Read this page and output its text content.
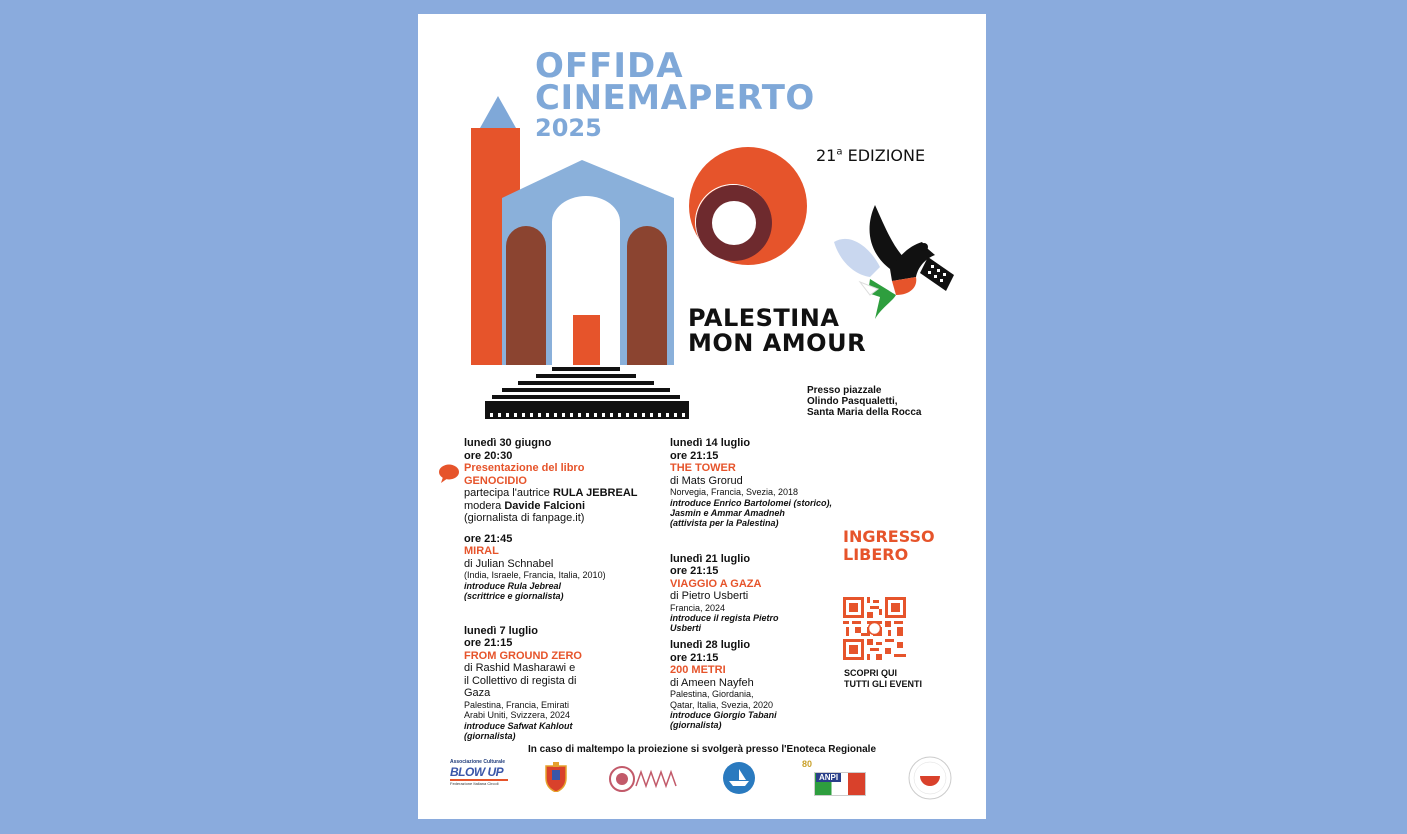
OFFIDA
CINEMAPERTO
2025
21$^a$ EDIZIONE
PALESTINA
MON AMOUR
Presso piazzale
Olindo Pasqualetti,
Santa Maria della Rocca
lunedì 30 giugno
ore 20:30
Presentazione del libro
GENOCIDIO
partecipa l'autrice RULA JEBREAL
modera Davide Falcioni
(giornalista di fanpage.it)
ore 21:45
MIRAL
di Julian Schnabel
(India, Israele, Francia, Italia, 2010)
introduce Rula Jebreal
(scrittrice e giornalista)
lunedì 7 luglio
ore 21:15
FROM GROUND ZERO
di Rashid Masharawi e
il Collettivo di regista di
Gaza
Palestina, Francia, Emirati
Arabi Uniti, Svizzera, 2024
introduce Safwat Kahlout
(giornalista)
lunedì 14 luglio
ore 21:15
THE TOWER
di Mats Grorud
Norvegia, Francia, Svezia, 2018
introduce Enrico Bartolomei (storico),
Jasmin e Ammar Amadneh
(attivista per la Palestina)
lunedì 21 luglio
ore 21:15
VIAGGIO A GAZA
di Pietro Usberti
Francia, 2024
introduce il regista Pietro
Usberti
lunedì 28 luglio
ore 21:15
200 METRI
di Ameen Nayfeh
Palestina, Giordania,
Qatar, Italia, Svezia, 2020
introduce Giorgio Tabani
(giornalista)
INGRESSO
LIBERO
SCOPRI QUI
TUTTI GLI EVENTI
In caso di maltempo la proiezione si svolgerà presso l'Enoteca Regionale
Associazione Culturale
BLOW UP
Federazione Italiana Circoli
80
ANPI
